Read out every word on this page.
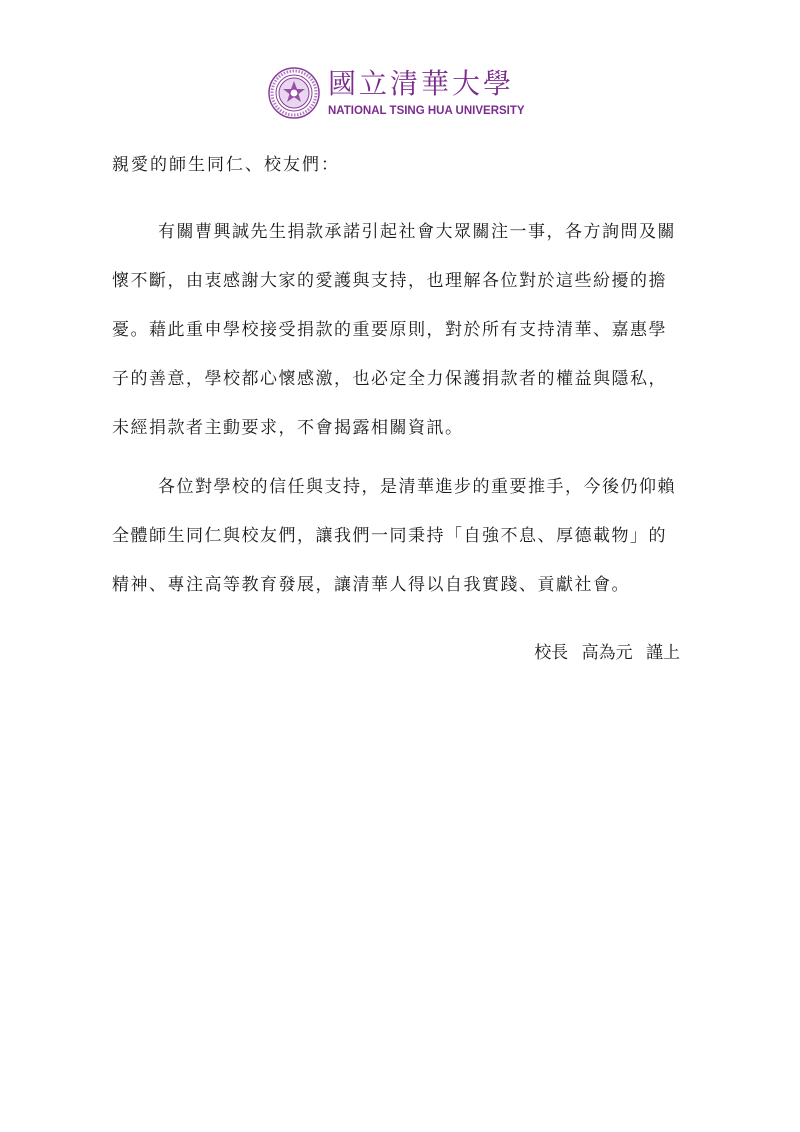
國立清華大學
NATIONAL TSING HUA UNIVERSITY
親愛的師生同仁、校友們：
有關曹興誠先生捐款承諾引起社會大眾關注一事，各方詢問及關
懷不斷，由衷感謝大家的愛護與支持，也理解各位對於這些紛擾的擔
憂。藉此重申學校接受捐款的重要原則，對於所有支持清華、嘉惠學
子的善意，學校都心懷感激，也必定全力保護捐款者的權益與隱私，
未經捐款者主動要求，不會揭露相關資訊。
各位對學校的信任與支持，是清華進步的重要推手，今後仍仰賴
全體師生同仁與校友們，讓我們一同秉持「自強不息、厚德載物」的
精神、專注高等教育發展，讓清華人得以自我實踐、貢獻社會。
校長 高為元 謹上
